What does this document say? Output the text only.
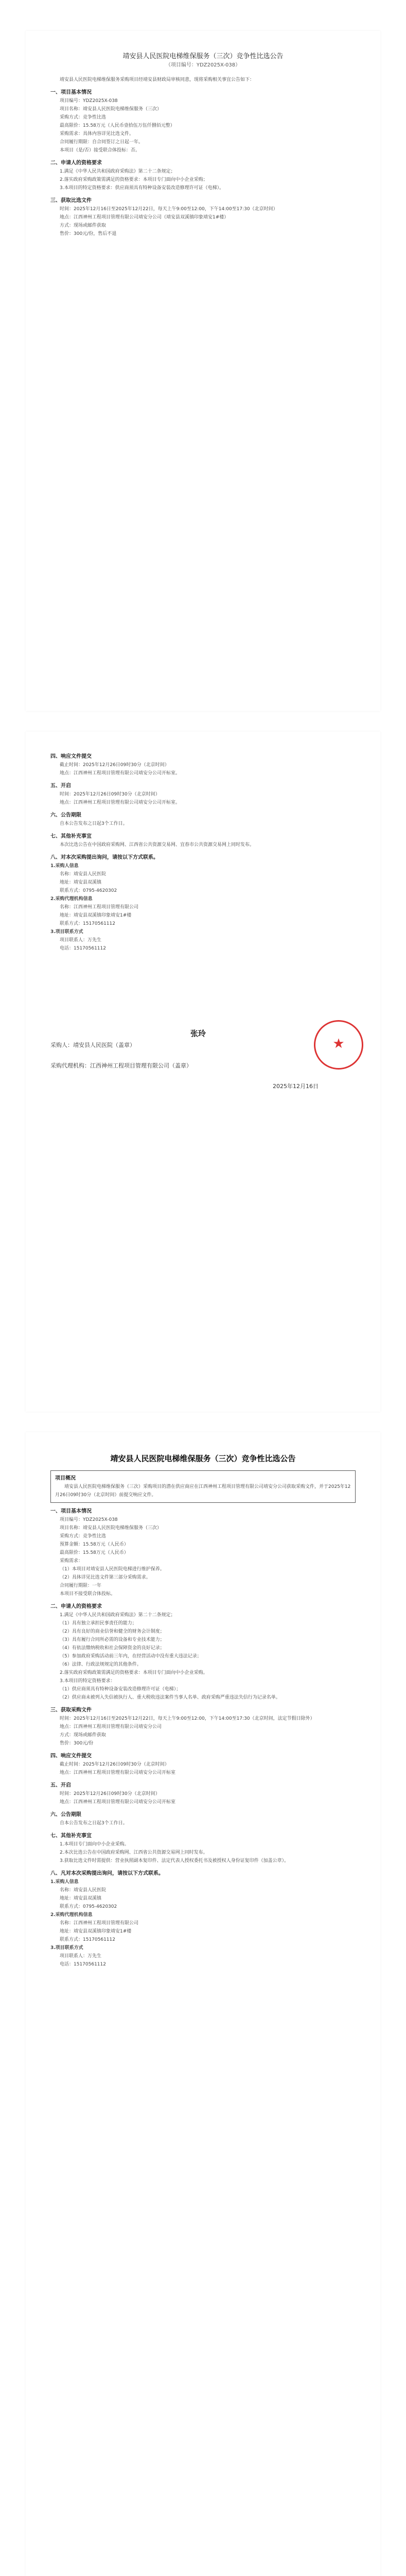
靖安县人民医院电梯维保服务（三次）竞争性比选公告
（项目编号：YDZ2025X-038）
靖安县人民医院电梯维保服务采购项目经靖安县财政局审核同意，现将采购相关事宜公告如下：
一、项目基本情况
项目编号：YDZ2025X-038
项目名称：靖安县人民医院电梯维保服务（三次）
采购方式：竞争性比选
最高限价：15.58万元（人民币壹拾伍万伍仟捌佰元整）
采购需求：具体内容详见比选文件。
合同履行期限：自合同签订之日起一年。
本项目（是/否）接受联合体投标：否。
二、申请人的资格要求
1.满足《中华人民共和国政府采购法》第二十二条规定；
2.落实政府采购政策需满足的资格要求：本项目专门面向中小企业采购；
3.本项目的特定资格要求：供应商须具有特种设备安装改造修理许可证（电梯）。
三、获取比选文件
时间：2025年12月16日至2025年12月22日，每天上午9:00至12:00，下午14:00至17:30（北京时间）
地点：江西神州工程项目管理有限公司靖安分公司（靖安县双溪镇印象靖安1#楼）
方式：现场或邮件获取
售价：300元/份，售后不退
四、响应文件提交
截止时间：2025年12月26日09时30分（北京时间）
地点：江西神州工程项目管理有限公司靖安分公司开标室。
五、开启
时间：2025年12月26日09时30分（北京时间）
地点：江西神州工程项目管理有限公司靖安分公司开标室。
六、公告期限
自本公告发布之日起3个工作日。
七、其他补充事宜
本次比选公告在中国政府采购网、江西省公共资源交易网、宜春市公共资源交易网上同时发布。
八、对本次采购提出询问，请按以下方式联系。
1.采购人信息
名称：靖安县人民医院
地址：靖安县双溪镇
联系方式：0795-4620302
2.采购代理机构信息
名称：江西神州工程项目管理有限公司
地址：靖安县双溪镇印象靖安1#楼
联系方式：15170561112
3.项目联系方式
项目联系人：万先生
电话：15170561112
采购人：靖安县人民医院（盖章）
张玲
采购代理机构：江西神州工程项目管理有限公司（盖章）
2025年12月16日
★
靖安县人民医院电梯维保服务（三次）竞争性比选公告
项目概况
靖安县人民医院电梯维保服务（三次）采购项目的潜在供应商应在江西神州工程项目管理有限公司靖安分公司获取采购文件，并于2025年12月26日09时30分（北京时间）前提交响应文件。
一、项目基本情况
项目编号：YDZ2025X-038
项目名称：靖安县人民医院电梯维保服务（三次）
采购方式：竞争性比选
预算金额：15.58万元（人民币）
最高限价：15.58万元（人民币）
采购需求：
（1）本项目对靖安县人民医院电梯进行维护保养。
（2）具体详见比选文件第三部分采购需求。
合同履行期限：一年
本项目不接受联合体投标。
二、申请人的资格要求
1.满足《中华人民共和国政府采购法》第二十二条规定；
（1）具有独立承担民事责任的能力；
（2）具有良好的商业信誉和健全的财务会计制度；
（3）具有履行合同所必需的设备和专业技术能力；
（4）有依法缴纳税收和社会保障资金的良好记录；
（5）参加政府采购活动前三年内，在经营活动中没有重大违法记录；
（6）法律、行政法规规定的其他条件。
2.落实政府采购政策需满足的资格要求：本项目专门面向中小企业采购。
3.本项目的特定资格要求：
（1）供应商须具有特种设备安装改造修理许可证（电梯）；
（2）供应商未被列入失信被执行人、重大税收违法案件当事人名单、政府采购严重违法失信行为记录名单。
三、获取采购文件
时间：2025年12月16日至2025年12月22日，每天上午9:00至12:00，下午14:00至17:30（北京时间，法定节假日除外）
地点：江西神州工程项目管理有限公司靖安分公司
方式：现场或邮件获取
售价：300元/份
四、响应文件提交
截止时间：2025年12月26日09时30分（北京时间）
地点：江西神州工程项目管理有限公司靖安分公司开标室
五、开启
时间：2025年12月26日09时30分（北京时间）
地点：江西神州工程项目管理有限公司靖安分公司开标室
六、公告期限
自本公告发布之日起3个工作日。
七、其他补充事宜
1.本项目专门面向中小企业采购。
2.本次比选公告在中国政府采购网、江西省公共资源交易网上同时发布。
3.获取比选文件时需提供：营业执照副本复印件、法定代表人授权委托书及被授权人身份证复印件（加盖公章）。
八、凡对本次采购提出询问，请按以下方式联系。
1.采购人信息
名称：靖安县人民医院
地址：靖安县双溪镇
联系方式：0795-4620302
2.采购代理机构信息
名称：江西神州工程项目管理有限公司
地址：靖安县双溪镇印象靖安1#楼
联系方式：15170561112
3.项目联系方式
项目联系人：万先生
电话：15170561112
